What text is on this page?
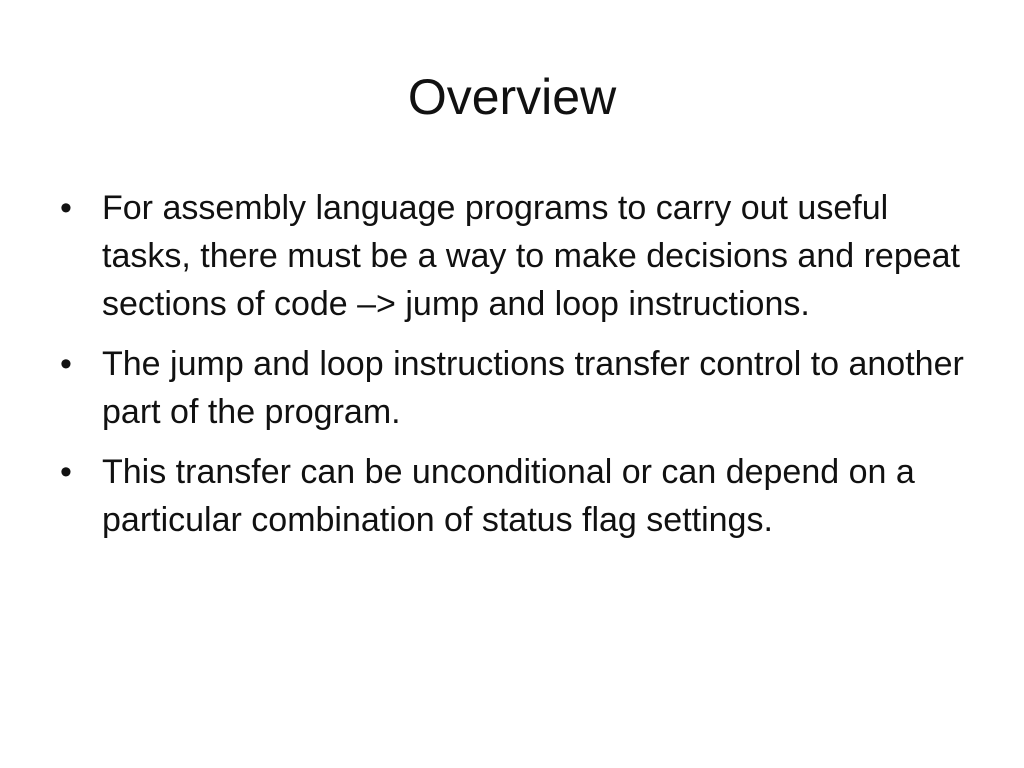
Overview
• For assembly language programs to carry out useful tasks, there must be a way to make decisions and repeat sections of code –> jump and loop instructions.
• The jump and loop instructions transfer control to another part of the program.
• This transfer can be unconditional or can depend on a particular combination of status flag settings.
